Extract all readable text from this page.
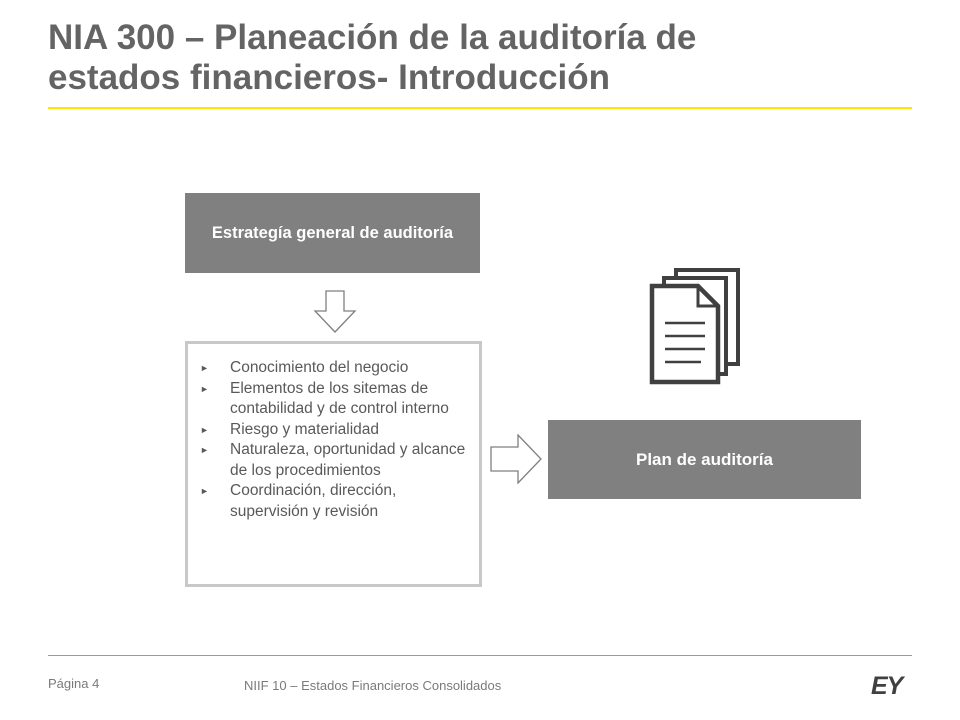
NIA 300 – Planeación de la auditoría de
estados financieros- Introducción
Estrategía general de auditoría
► Conocimiento del negocio
► Elementos de los sitemas de contabilidad y de control interno
► Riesgo y materialidad
► Naturaleza, oportunidad y alcance de los procedimientos
► Coordinación, dirección, supervisión y revisión
Plan de auditoría
Página 4	NIIF 10 – Estados Financieros Consolidados	EY
